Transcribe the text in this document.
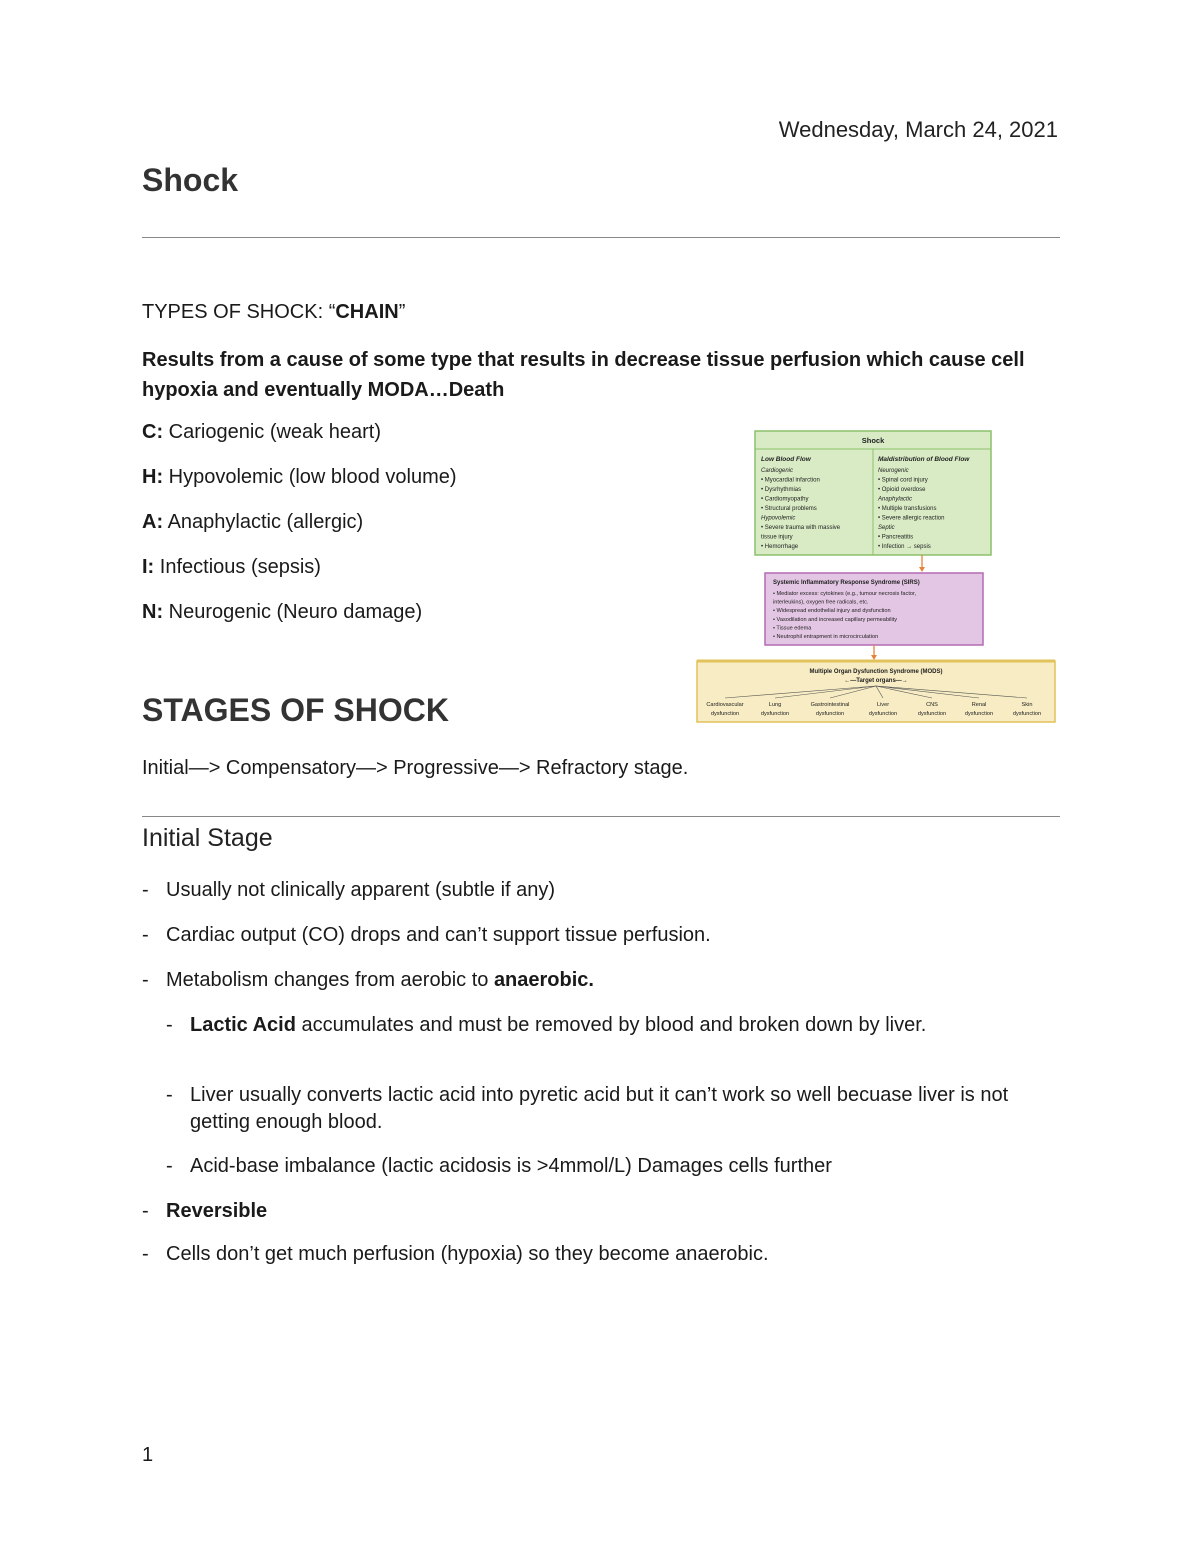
Wednesday, March 24, 2021
Shock
TYPES OF SHOCK: “CHAIN”
Results from a cause of some type that results in decrease tissue perfusion which cause cell hypoxia and eventually MODA…Death
C: Cariogenic (weak heart)
H: Hypovolemic (low blood volume)
A: Anaphylactic (allergic)
I: Infectious (sepsis)
N: Neurogenic (Neuro damage)
Shock
Low Blood Flow	Maldistribution of Blood Flow
Cardiogenic
• Myocardial infarction
• Dysrhythmias
• Cardiomyopathy
• Structural problems
Hypovolemic
• Severe trauma with massive
tissue injury
• Hemorrhage
Neurogenic
• Spinal cord injury
• Opioid overdose
Anaphylactic
• Multiple transfusions
• Severe allergic reaction
Septic
• Pancreatitis
• Infection → sepsis
Systemic Inflammatory Response Syndrome (SIRS)
• Mediator excess: cytokines (e.g., tumour necrosis factor,
interleukins), oxygen free radicals, etc.
• Widespread endothelial injury and dysfunction
• Vasodilation and increased capillary permeability
• Tissue edema
• Neutrophil entrapment in microcirculation
Multiple Organ Dysfunction Syndrome (MODS)
←—Target organs—→
Cardiovascular
dysfunction
Lung
dysfunction
Gastrointestinal
dysfunction
Liver
dysfunction
CNS
dysfunction
Renal
dysfunction
Skin
dysfunction
STAGES OF SHOCK
Initial—> Compensatory—> Progressive—> Refractory stage.
Initial Stage
- Usually not clinically apparent (subtle if any)
- Cardiac output (CO) drops and can’t support tissue perfusion.
- Metabolism changes from aerobic to anaerobic.
- Lactic Acid accumulates and must be removed by blood and broken down by liver.
- Liver usually converts lactic acid into pyretic acid but it can’t work so well becuase liver is not getting enough blood.
- Acid-base imbalance (lactic acidosis is >4mmol/L) Damages cells further
- Reversible
- Cells don’t get much perfusion (hypoxia) so they become anaerobic.
1
